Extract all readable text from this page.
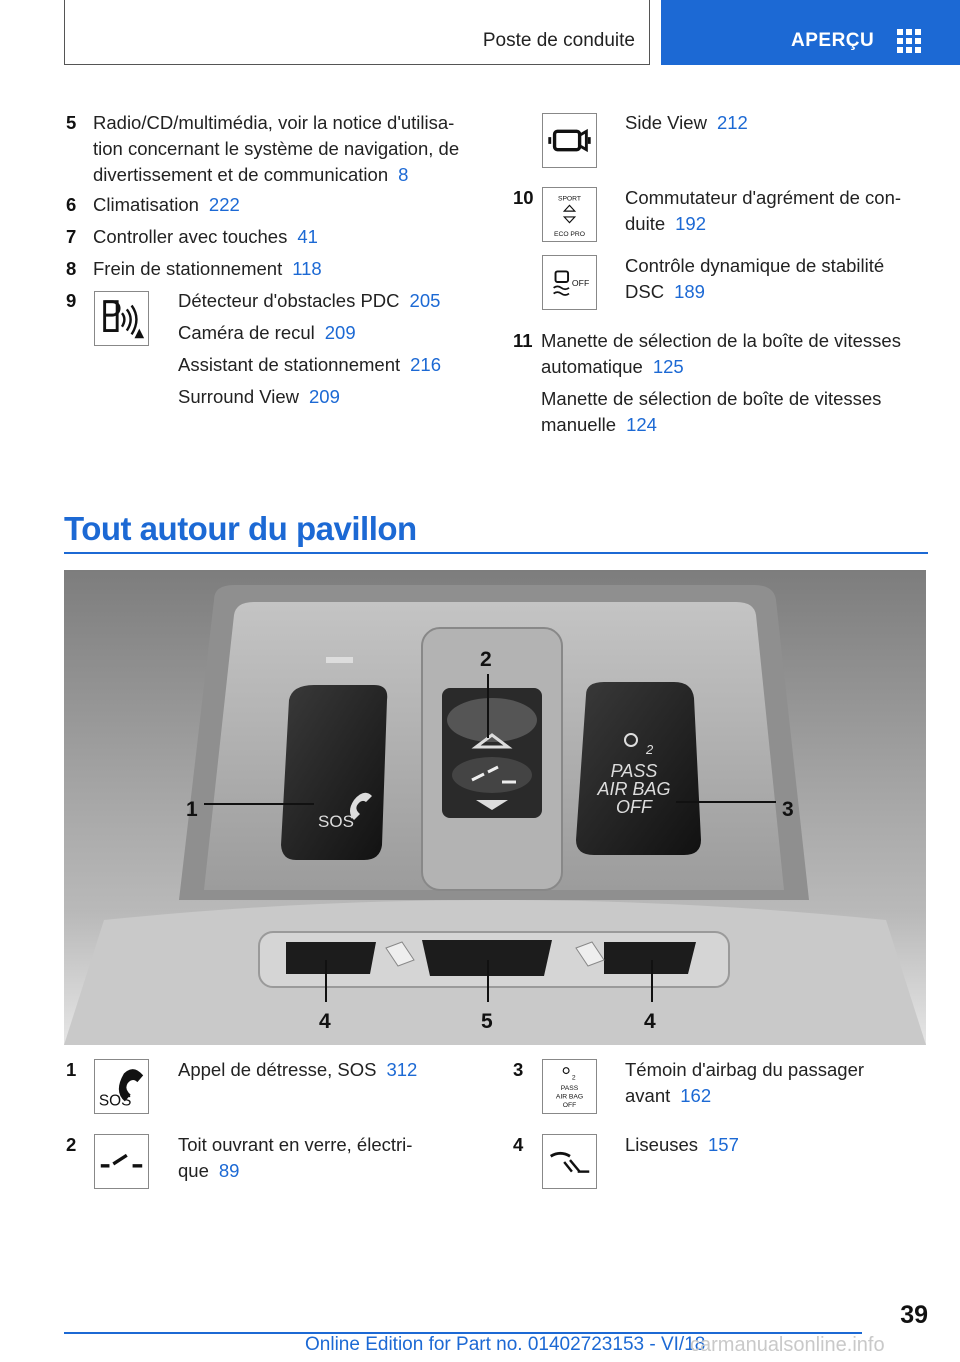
Poste de conduite	APERÇU
5 Radio/CD/multimédia, voir la notice d'utilisa-
tion concernant le système de navigation, de
divertissement et de communication 8
6 Climatisation 222
7 Controller avec touches 41
8 Frein de stationnement 118
9	Détecteur d'obstacles PDC 205
Caméra de recul 209
Assistant de stationnement 216
Surround View 209
Side View 212
10	SPORT
ECO PRO
Commutateur d'agrément de con-
duite 192
OFF
Contrôle dynamique de stabilité
DSC 189
11 Manette de sélection de la boîte de vitesses
automatique 125
Manette de sélection de boîte de vitesses
manuelle 124
Tout autour du pavillon
SOS
2
PASS
AIR BAG
OFF
1
2
3
4	5	4
1
SOS
Appel de détresse, SOS 312
2	Toit ouvrant en verre, électri-
que 89
3	2
PASS
AIR BAG
OFF
Témoin d'airbag du passager
avant 162
4	Liseuses 157
39
Online Edition for Part no. 01402723153 - VI/18
carmanualsonline.info
